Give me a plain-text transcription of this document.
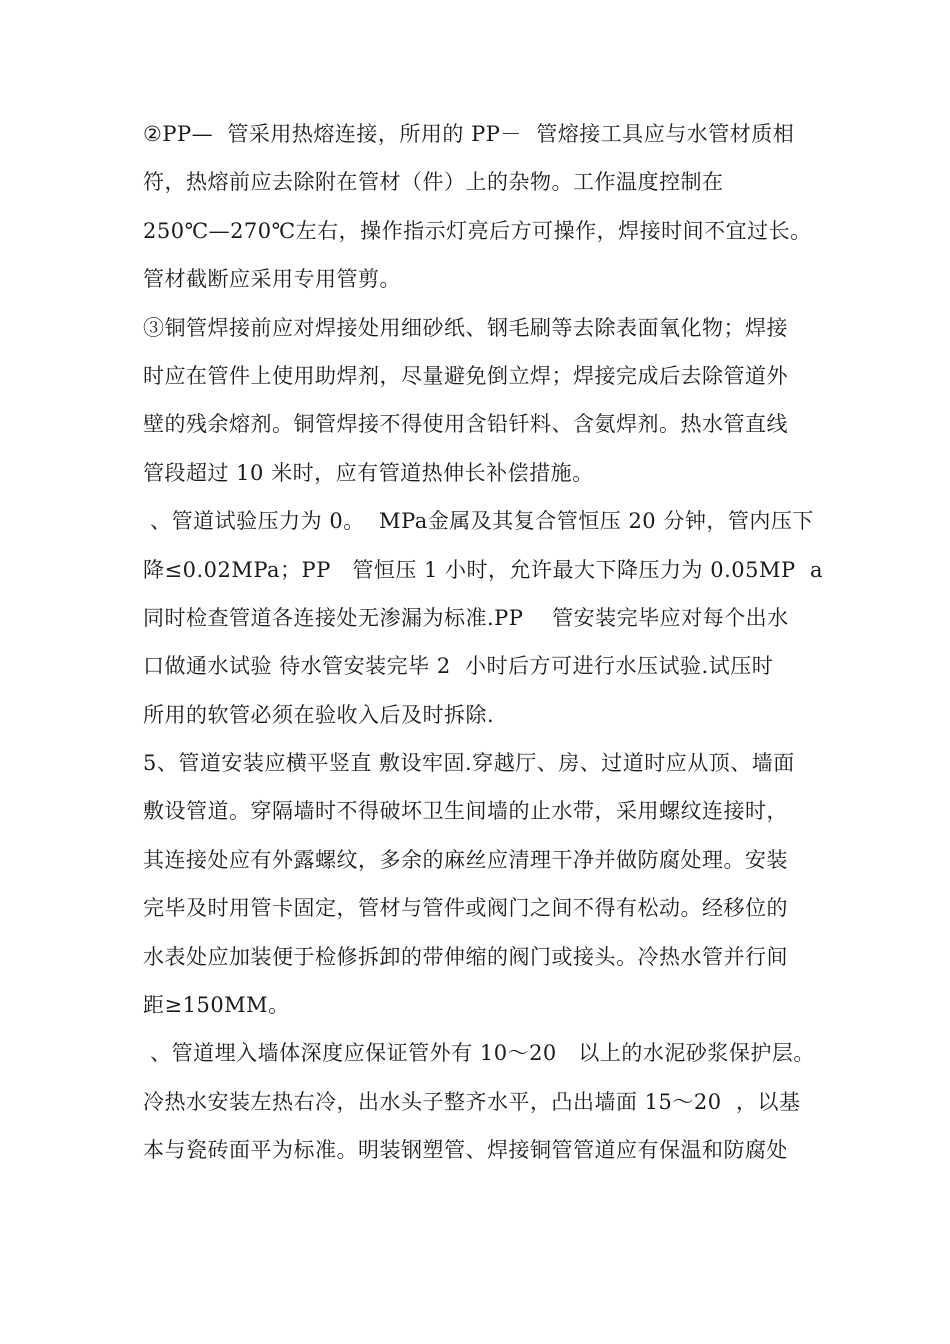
②PP—  管采用热熔连接，所用的 PP－  管熔接工具应与水管材质相
符，热熔前应去除附在管材（件）上的杂物。工作温度控制在
250℃—270℃左右，操作指示灯亮后方可操作，焊接时间不宜过长。
管材截断应采用专用管剪。
③铜管焊接前应对焊接处用细砂纸、钢毛刷等去除表面氧化物；焊接
时应在管件上使用助焊剂，尽量避免倒立焊；焊接完成后去除管道外
壁的残余熔剂。铜管焊接不得使用含铅钎料、含氨焊剂。热水管直线
管段超过 10 米时，应有管道热伸长补偿措施。
、管道试验压力为 0。  MPa金属及其复合管恒压 20 分钟，管内压下
降≤0.02MPa；PP   管恒压 1 小时，允许最大下降压力为 0.05MP  a
同时检查管道各连接处无渗漏为标准.PP    管安装完毕应对每个出水
口做通水试验 待水管安装完毕 2  小时后方可进行水压试验.试压时
所用的软管必须在验收入后及时拆除.
5、管道安装应横平竖直 敷设牢固.穿越厅、房、过道时应从顶、墙面
敷设管道。穿隔墙时不得破坏卫生间墙的止水带，采用螺纹连接时，
其连接处应有外露螺纹，多余的麻丝应清理干净并做防腐处理。安装
完毕及时用管卡固定，管材与管件或阀门之间不得有松动。经移位的
水表处应加装便于检修拆卸的带伸缩的阀门或接头。冷热水管并行间
距≥150MM。
、管道埋入墙体深度应保证管外有 10～20   以上的水泥砂浆保护层。
冷热水安装左热右冷，出水头子整齐水平，凸出墙面 15～20  ，以基
本与瓷砖面平为标准。明装钢塑管、焊接铜管管道应有保温和防腐处
